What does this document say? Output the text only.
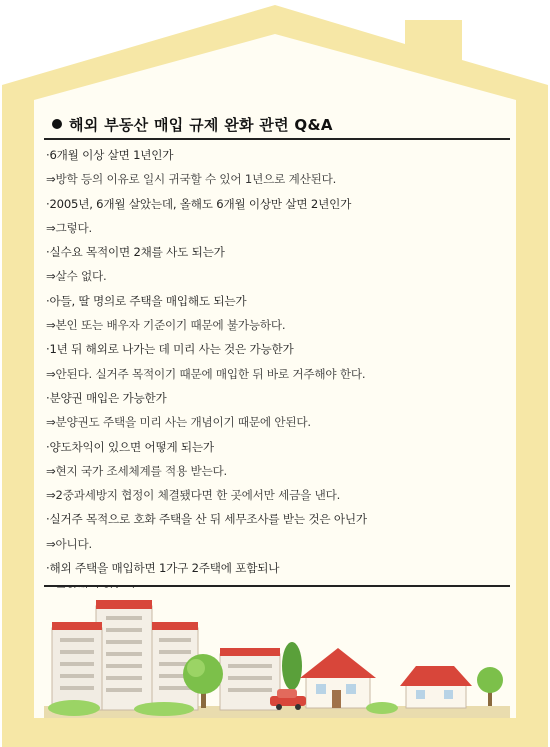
해외 부동산 매입 규제 완화 관련 Q&A
·6개월 이상 살면 1년인가
⇒방학 등의 이유로 일시 귀국할 수 있어 1년으로 계산된다.
·2005년, 6개월 살았는데, 올해도 6개월 이상만 살면 2년인가
⇒그렇다.
·실수요 목적이면 2채를 사도 되는가
⇒살수 없다.
·아들, 딸 명의로 주택을 매입해도 되는가
⇒본인 또는 배우자 기준이기 때문에 불가능하다.
·1년 뒤 해외로 나가는 데 미리 사는 것은 가능한가
⇒안된다. 실거주 목적이기 때문에 매입한 뒤 바로 거주해야 한다.
·분양권 매입은 가능한가
⇒분양권도 주택을 미리 사는 개념이기 때문에 안된다.
·양도차익이 있으면 어떻게 되는가
⇒현지 국가 조세체계를 적용 받는다.
⇒2중과세방지 협정이 체결됐다면 한 곳에서만 세금을 낸다.
·실거주 목적으로 호화 주택을 산 뒤 세무조사를 받는 것은 아닌가
⇒아니다.
·해외 주택을 매입하면 1가구 2주택에 포함되나
